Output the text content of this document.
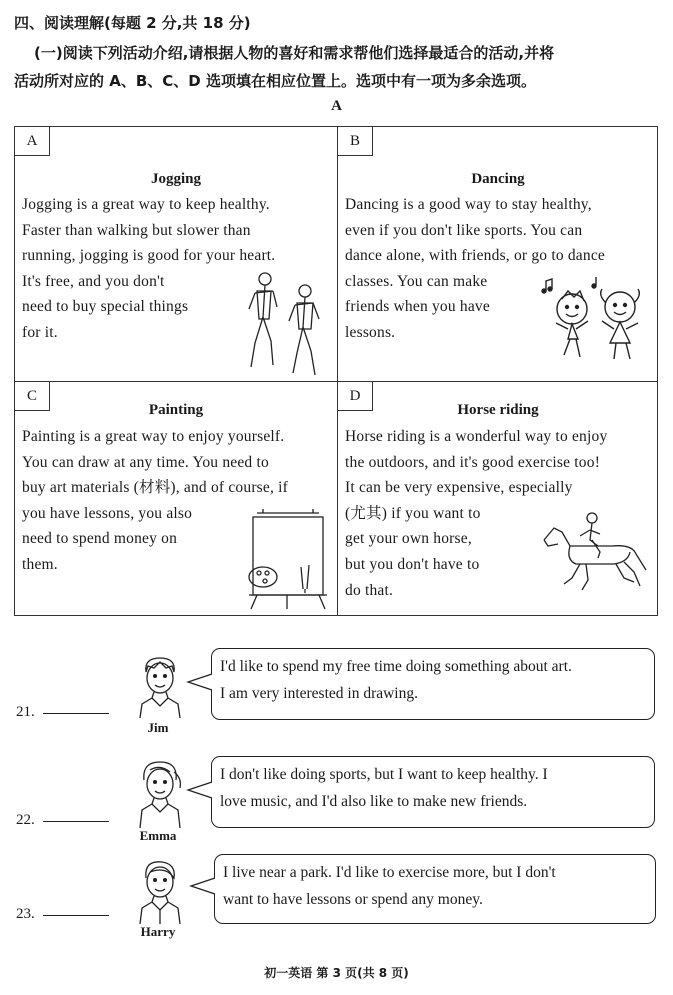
四、阅读理解(每题 2 分,共 18 分)
(一)阅读下列活动介绍,请根据人物的喜好和需求帮他们选择最适合的活动,并将
活动所对应的 A、B、C、D 选项填在相应位置上。选项中有一项为多余选项。
A
A
Jogging
Jogging is a great way to keep healthy.
Faster than walking but slower than
running, jogging is good for your heart.
It's free, and you don't
need to buy special things
for it.
B
Dancing
Dancing is a good way to stay healthy,
even if you don't like sports. You can
dance alone, with friends, or go to dance
classes. You can make
friends when you have
lessons.
C
Painting
Painting is a great way to enjoy yourself.
You can draw at any time. You need to
buy art materials (材料), and of course, if
you have lessons, you also
need to spend money on
them.
D
Horse riding
Horse riding is a wonderful way to enjoy
the outdoors, and it's good exercise too!
It can be very expensive, especially
(尤其) if you want to
get your own horse,
but you don't have to
do that.
21.
Jim
I'd like to spend my free time doing something about art.
I am very interested in drawing.
22.
Emma
I don't like doing sports, but I want to keep healthy. I
love music, and I'd also like to make new friends.
23.
Harry
I live near a park. I'd like to exercise more, but I don't
want to have lessons or spend any money.
初一英语 第 3 页(共 8 页)
